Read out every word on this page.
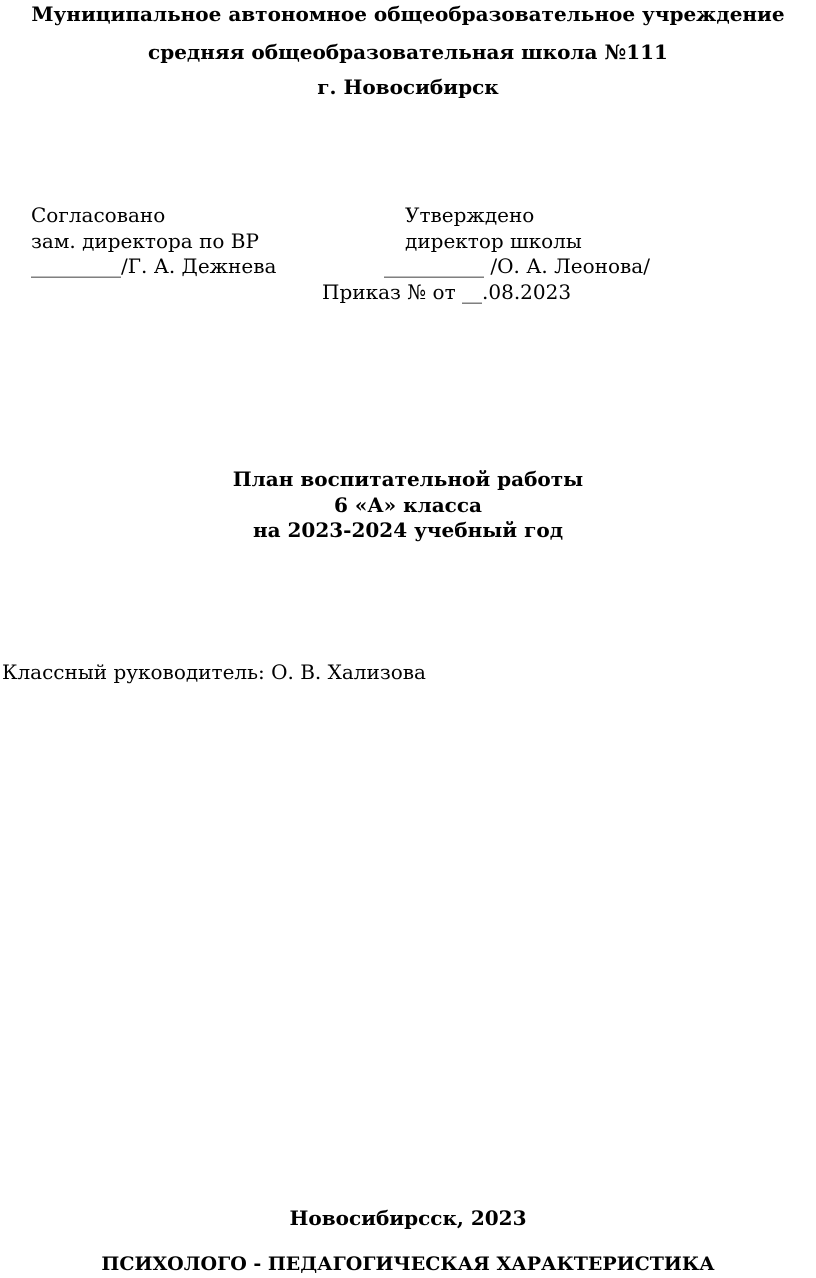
Муниципальное автономное общеобразовательное учреждение
средняя общеобразовательная школа №111
г. Новосибирск
Согласовано
зам. директора по ВР
_________/Г. А. Дежнева
Утверждено
директор школы
__________ /О. А. Леонова/
Приказ № от __.08.2023
План воспитательной работы
6 «А» класса
на 2023-2024 учебный год
Классный руководитель: О. В. Хализова
Новосибирсск, 2023
ПСИХОЛОГО - ПЕДАГОГИЧЕСКАЯ ХАРАКТЕРИСТИКА
